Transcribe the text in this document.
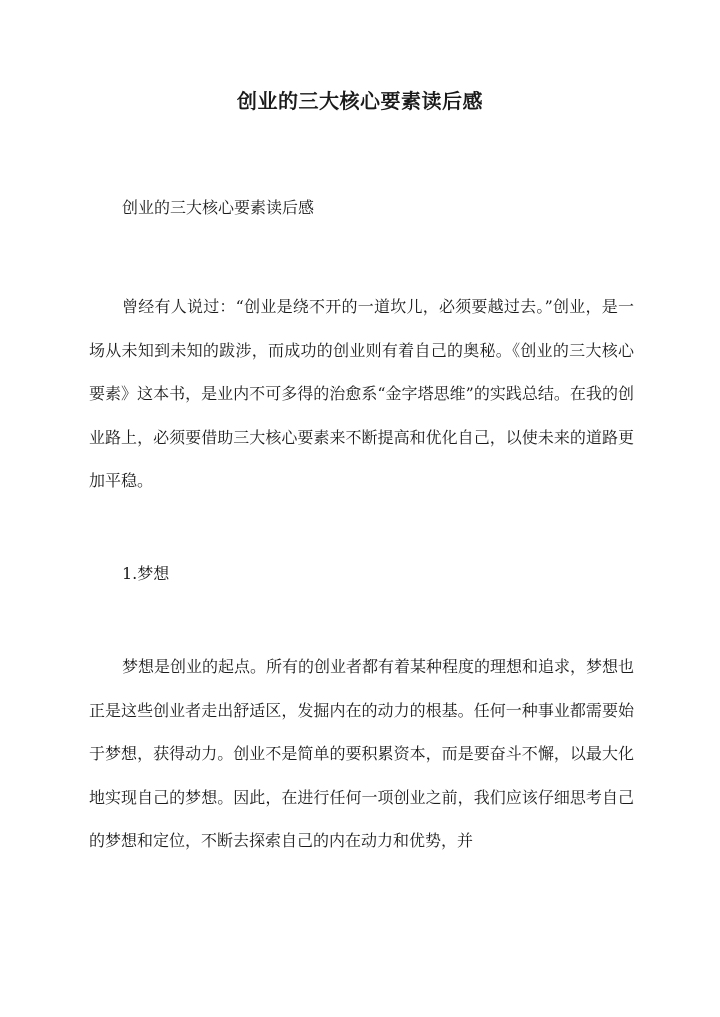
创业的三大核心要素读后感

创业的三大核心要素读后感

曾经有人说过：“创业是绕不开的一道坎儿，必须要越过去。”创业，是一场从未知到未知的跋涉，而成功的创业则有着自己的奥秘。《创业的三大核心要素》这本书，是业内不可多得的治愈系“金字塔思维”的实践总结。在我的创业路上，必须要借助三大核心要素来不断提高和优化自己，以使未来的道路更加平稳。

1.梦想

梦想是创业的起点。所有的创业者都有着某种程度的理想和追求，梦想也正是这些创业者走出舒适区，发掘内在的动力的根基。任何一种事业都需要始于梦想，获得动力。创业不是简单的要积累资本，而是要奋斗不懈，以最大化地实现自己的梦想。因此，在进行任何一项创业之前，我们应该仔细思考自己的梦想和定位，不断去探索自己的内在动力和优势，并
